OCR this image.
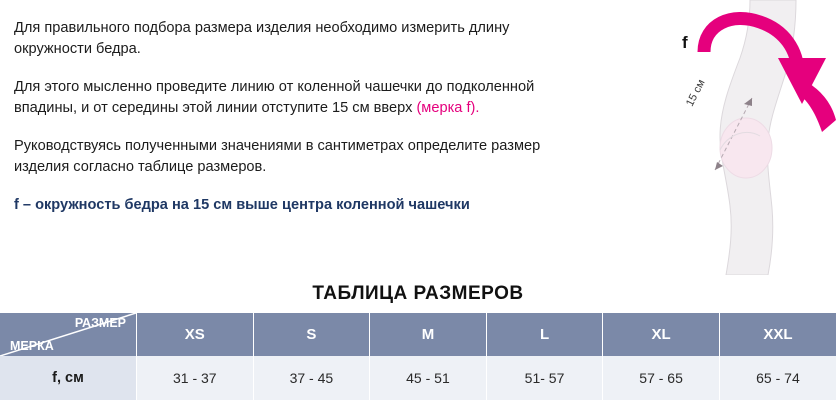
Для правильного подбора размера изделия необходимо измерить длину окружности бедра.

Для этого мысленно проведите линию от коленной чашечки до подколенной впадины, и от середины этой линии отступите 15 см вверх (мерка f).

Руководствуясь полученными значениями в сантиметрах определите размер изделия согласно таблице размеров.

f – окружность бедра на 15 см выше центра коленной чашечки

f
15 см
ТАБЛИЦА РАЗМЕРОВ
РАЗМЕР
МЕРКА	XS	S	M	L	XL	XXL
f, см	31 - 37	37 - 45	45 - 51	51- 57	57 - 65	65 - 74
